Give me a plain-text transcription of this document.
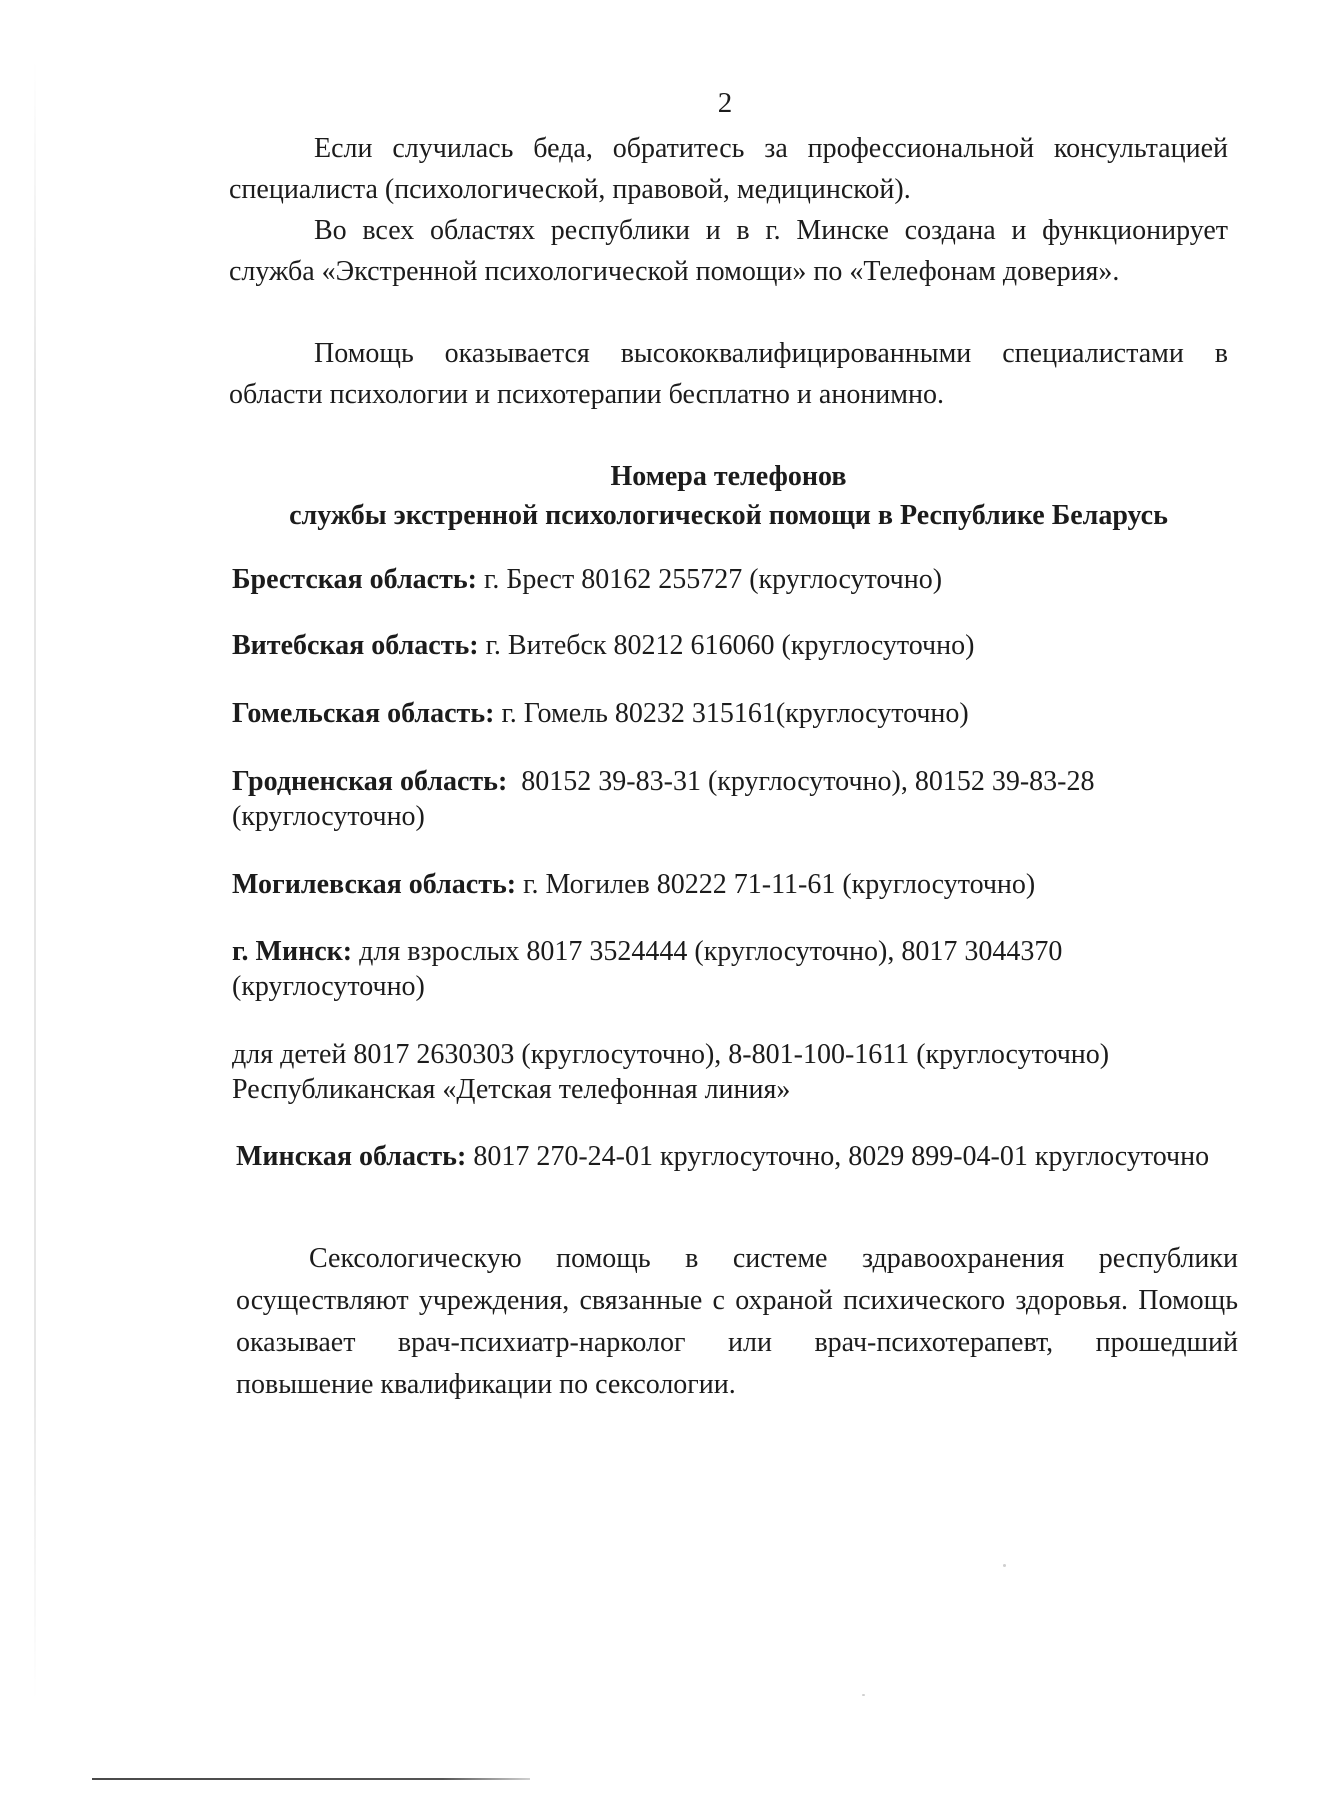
2
Если случилась беда, обратитесь за профессиональной консультацией специалиста (психологической, правовой, медицинской).
Во всех областях республики и в г. Минске создана и функционирует служба «Экстренной психологической помощи» по «Телефонам доверия».
Помощь оказывается высококвалифицированными специалистами в области психологии и психотерапии бесплатно и анонимно.
Номера телефонов
службы экстренной психологической помощи в Республике Беларусь
Брестская область: г. Брест 80162 255727 (круглосуточно)
Витебская область: г. Витебск 80212 616060 (круглосуточно)
Гомельская область: г. Гомель 80232 315161(круглосуточно)
Гродненская область:  80152 39-83-31 (круглосуточно), 80152 39-83-28 (круглосуточно)
Могилевская область: г. Могилев 80222 71-11-61 (круглосуточно)
г. Минск: для взрослых 8017 3524444 (круглосуточно), 8017 3044370 (круглосуточно)
для детей 8017 2630303 (круглосуточно), 8-801-100-1611 (круглосуточно) Республиканская «Детская телефонная линия»
Минская область: 8017 270-24-01 круглосуточно, 8029 899-04-01 круглосуточно
Сексологическую помощь в системе здравоохранения республики осуществляют учреждения, связанные с охраной психического здоровья. Помощь оказывает врач-психиатр-нарколог или врач-психотерапевт, прошедший повышение квалификации по сексологии.
